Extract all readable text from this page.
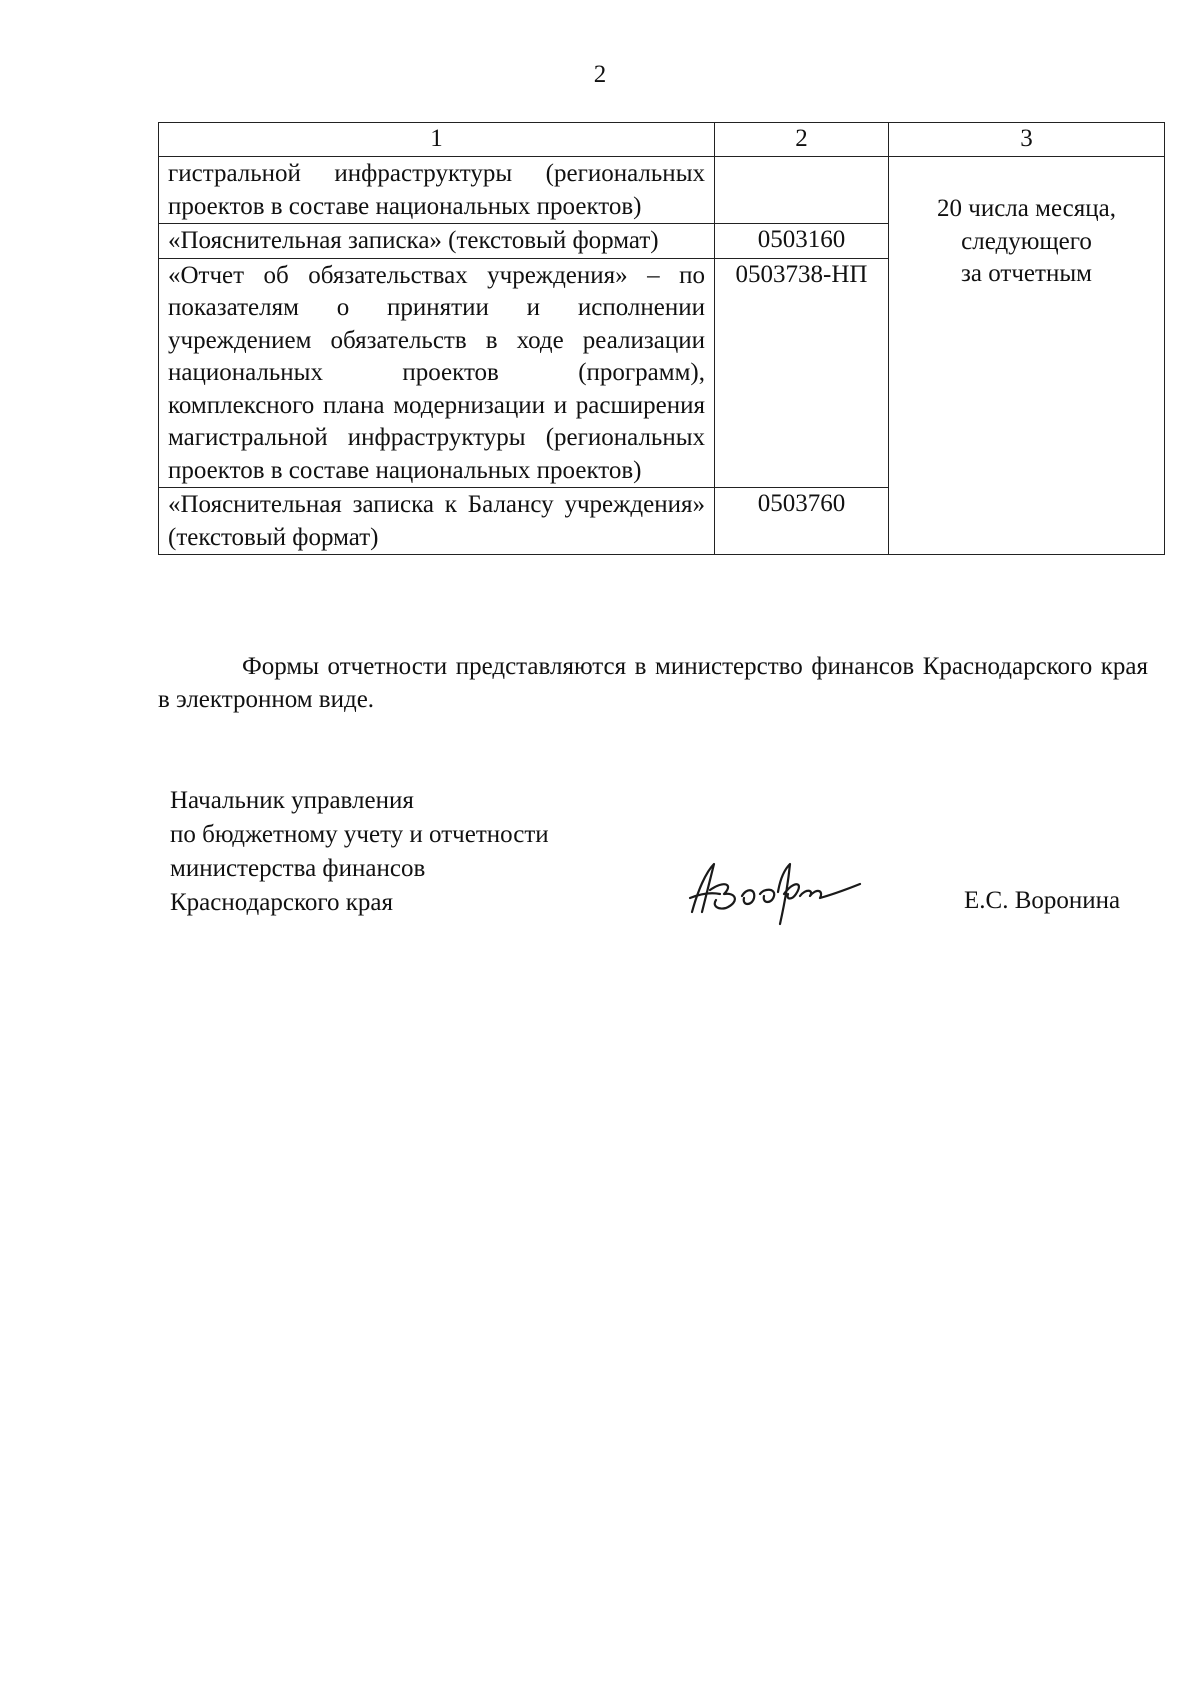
2
1	2	3
гистральной инфраструктуры (региональных проектов в составе национальных проектов)		20 числа месяца,
следующего
за отчетным

«Пояснительная записка» (текстовый формат)	0503160	
«Отчет об обязательствах учреждения» – по показателям о принятии и исполнении учреждением обязательств в ходе реализации национальных проектов (программ), комплексного плана модернизации и расширения магистральной инфраструктуры (региональных проектов в составе национальных проектов)	0503738-НП	
«Пояснительная записка к Балансу учреждения» (текстовый формат)	0503760	
Формы отчетности представляются в министерство финансов Краснодарского края в электронном виде.
Начальник управления
по бюджетному учету и отчетности
министерства финансов
Краснодарского края	Е.С. Воронина
